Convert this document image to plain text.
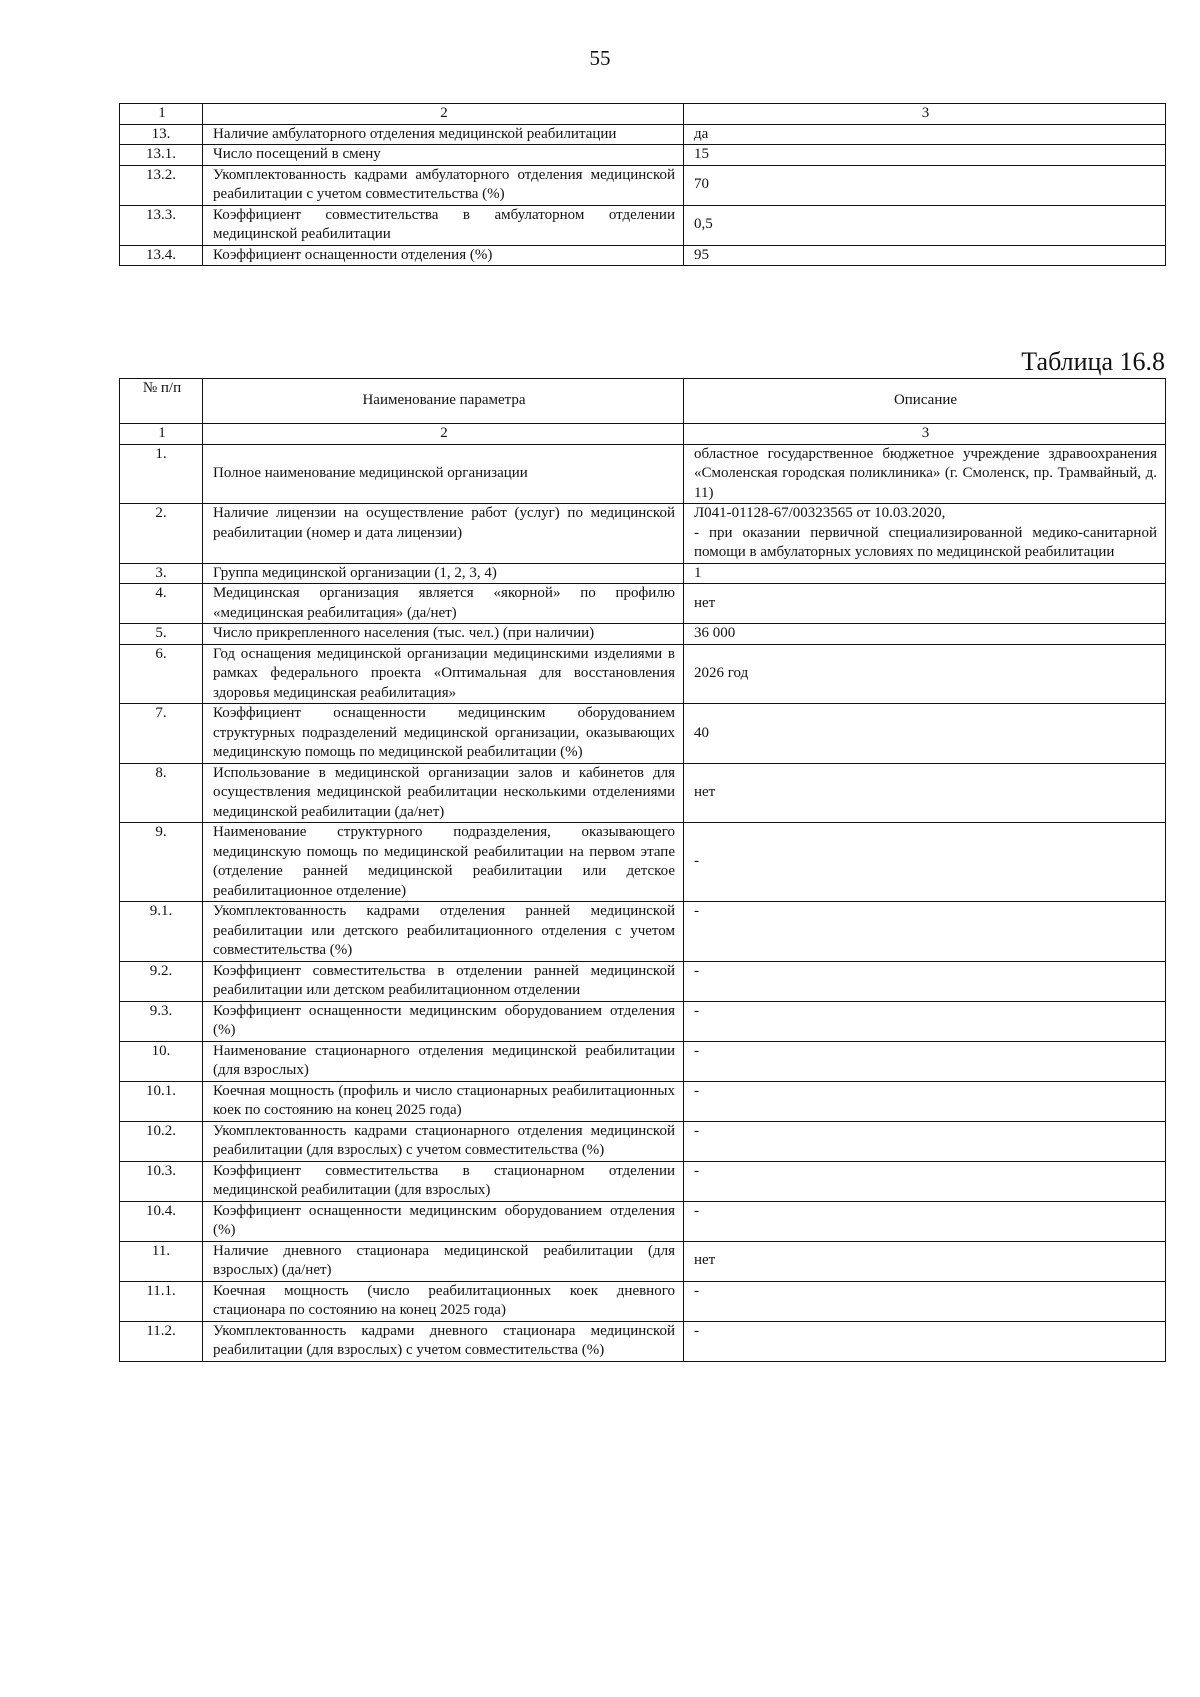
55
1	2	3
13.	Наличие амбулаторного отделения медицинской реабилитации	да
13.1.	Число посещений в смену	15
13.2.	Укомплектованность кадрами амбулаторного отделения медицинской реабилитации с учетом совместительства (%)	70
13.3.	Коэффициент совместительства в амбулаторном отделении медицинской реабилитации	0,5
13.4.	Коэффициент оснащенности отделения (%)	95
Таблица 16.8
№ п/п	Наименование параметра	Описание
1	2	3
1.	Полное наименование медицинской организации	областное государственное бюджетное учреждение здравоохранения «Смоленская городская поликлиника» (г. Смоленск, пр. Трамвайный, д. 11)
2.	Наличие лицензии на осуществление работ (услуг) по медицинской реабилитации (номер и дата лицензии)	Л041-01128-67/00323565 от 10.03.2020,
- при оказании первичной специализированной медико-санитарной помощи в амбулаторных условиях по медицинской реабилитации

3.	Группа медицинской организации (1, 2, 3, 4)	1
4.	Медицинская организация является «якорной» по профилю «медицинская реабилитация» (да/нет)	нет
5.	Число прикрепленного населения (тыс. чел.) (при наличии)	36 000
6.	Год оснащения медицинской организации медицинскими изделиями в рамках федерального проекта «Оптимальная для восстановления здоровья медицинская реабилитация»	2026 год
7.	Коэффициент оснащенности медицинским оборудованием структурных подразделений медицинской организации, оказывающих медицинскую помощь по медицинской реабилитации (%)	40
8.	Использование в медицинской организации залов и кабинетов для осуществления медицинской реабилитации несколькими отделениями медицинской реабилитации (да/нет)	нет
9.	Наименование структурного подразделения, оказывающего медицинскую помощь по медицинской реабилитации на первом этапе (отделение ранней медицинской реабилитации или детское реабилитационное отделение)	-
9.1.	Укомплектованность кадрами отделения ранней медицинской реабилитации или детского реабилитационного отделения с учетом совместительства (%)	-
9.2.	Коэффициент совместительства в отделении ранней медицинской реабилитации или детском реабилитационном отделении	-
9.3.	Коэффициент оснащенности медицинским оборудованием отделения (%)	-
10.	Наименование стационарного отделения медицинской реабилитации (для взрослых)	-
10.1.	Коечная мощность (профиль и число стационарных реабилитационных коек по состоянию на конец 2025 года)	-
10.2.	Укомплектованность кадрами стационарного отделения медицинской реабилитации (для взрослых) с учетом совместительства (%)	-
10.3.	Коэффициент совместительства в стационарном отделении медицинской реабилитации (для взрослых)	-
10.4.	Коэффициент оснащенности медицинским оборудованием отделения (%)	-
11.	Наличие дневного стационара медицинской реабилитации (для взрослых) (да/нет)	нет
11.1.	Коечная мощность (число реабилитационных коек дневного стационара по состоянию на конец 2025 года)	-
11.2.	Укомплектованность кадрами дневного стационара медицинской реабилитации (для взрослых) с учетом совместительства (%)	-
